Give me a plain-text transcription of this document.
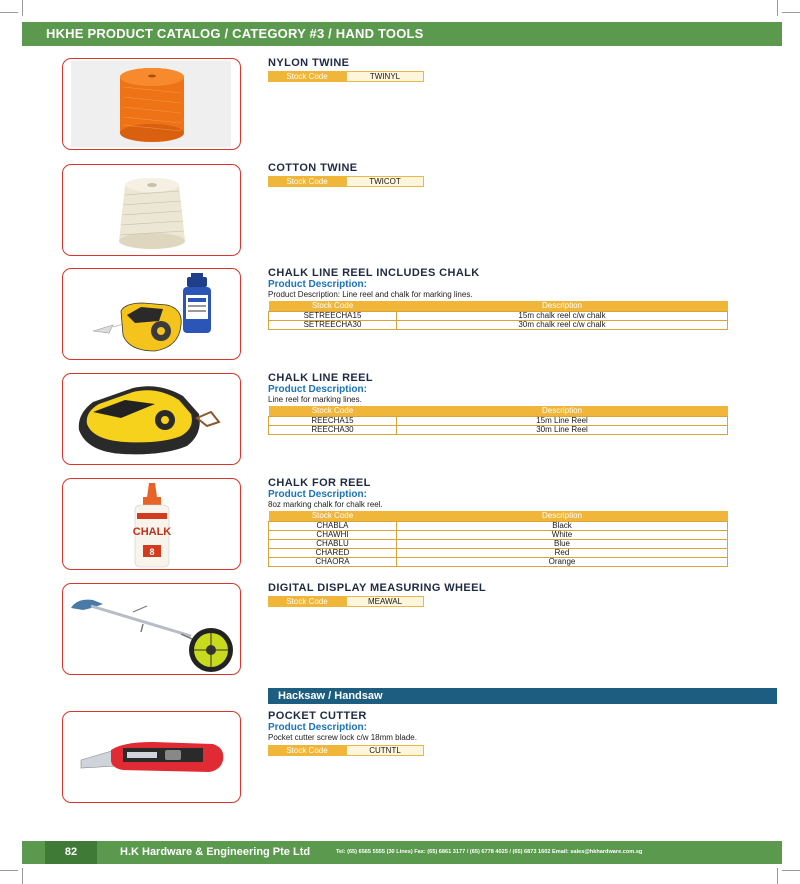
HKHE PRODUCT CATALOG / CATEGORY #3 / HAND TOOLS
NYLON TWINE
Stock Code	TWINYL
COTTON TWINE
Stock Code	TWICOT
CHALK LINE REEL INCLUDES CHALK
Product Description:
Product Description: Line reel and chalk for marking lines.
Stock Code	Description
SETREECHA15	15m chalk reel c/w chalk
SETREECHA30	30m chalk reel c/w chalk
CHALK LINE REEL
Product Description:
Line reel for marking lines.
Stock Code	Description
REECHA15	15m Line Reel
REECHA30	30m Line Reel
CHALK
8
CHALK FOR REEL
Product Description:
8oz marking chalk for chalk reel.
Stock Code	Description
CHABLA	Black
CHAWHI	White
CHABLU	Blue
CHARED	Red
CHAORA	Orange
DIGITAL DISPLAY MEASURING WHEEL
Stock Code	MEAWAL
Hacksaw / Handsaw
POCKET CUTTER
Product Description:
Pocket cutter screw lock c/w 18mm blade.
Stock Code	CUTNTL
82	H.K Hardware & Engineering Pte Ltd	Tel: (65) 6565 5555 (30 Lines) Fax: (65) 6861 3177 / (65) 6778 4025 / (65) 6873 1602 Email: sales@hkhardware.com.sg
